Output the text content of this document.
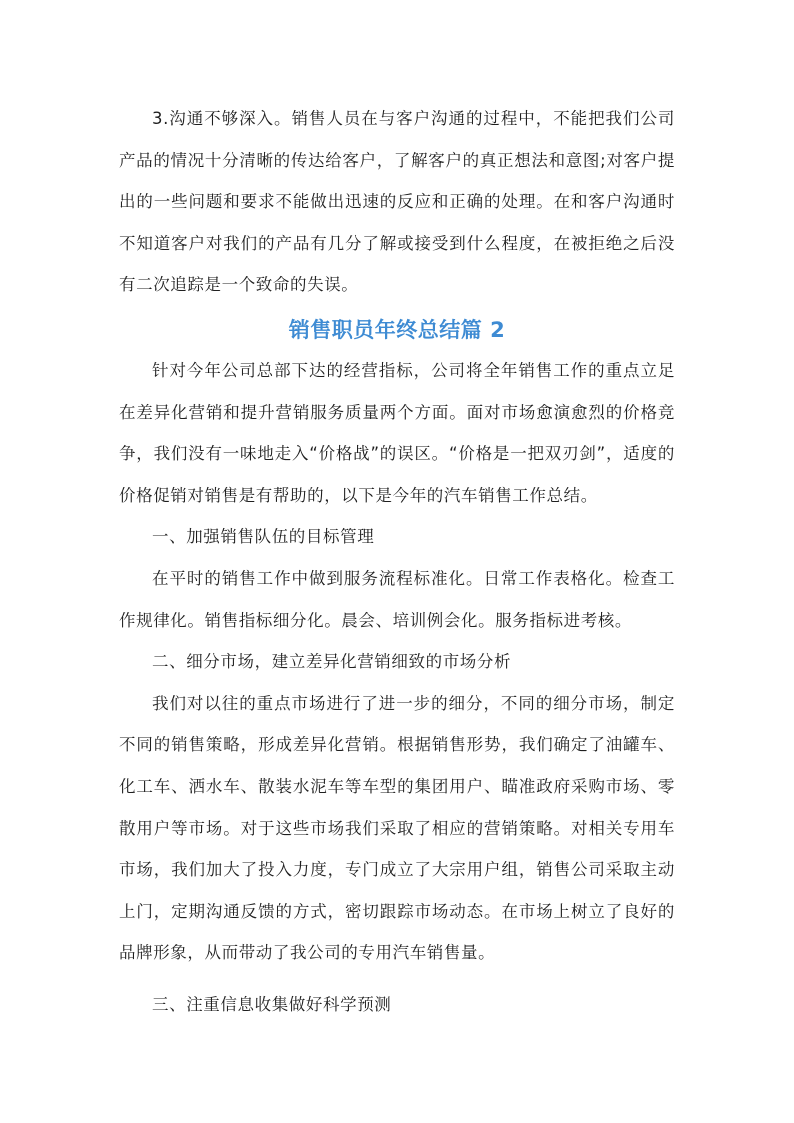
3.沟通不够深入。销售人员在与客户沟通的过程中，不能把我们公司产品的情况十分清晰的传达给客户，了解客户的真正想法和意图;对客户提出的一些问题和要求不能做出迅速的反应和正确的处理。在和客户沟通时不知道客户对我们的产品有几分了解或接受到什么程度，在被拒绝之后没有二次追踪是一个致命的失误。

销售职员年终总结篇 2

针对今年公司总部下达的经营指标，公司将全年销售工作的重点立足在差异化营销和提升营销服务质量两个方面。面对市场愈演愈烈的价格竞争，我们没有一味地走入“价格战”的误区。“价格是一把双刃剑”，适度的价格促销对销售是有帮助的，以下是今年的汽车销售工作总结。

一、加强销售队伍的目标管理

在平时的销售工作中做到服务流程标准化。日常工作表格化。检查工作规律化。销售指标细分化。晨会、培训例会化。服务指标进考核。

二、细分市场，建立差异化营销细致的市场分析

我们对以往的重点市场进行了进一步的细分，不同的细分市场，制定不同的销售策略，形成差异化营销。根据销售形势，我们确定了油罐车、化工车、洒水车、散装水泥车等车型的集团用户、瞄准政府采购市场、零散用户等市场。对于这些市场我们采取了相应的营销策略。对相关专用车市场，我们加大了投入力度，专门成立了大宗用户组，销售公司采取主动上门，定期沟通反馈的方式，密切跟踪市场动态。在市场上树立了良好的品牌形象，从而带动了我公司的专用汽车销售量。

三、注重信息收集做好科学预测
